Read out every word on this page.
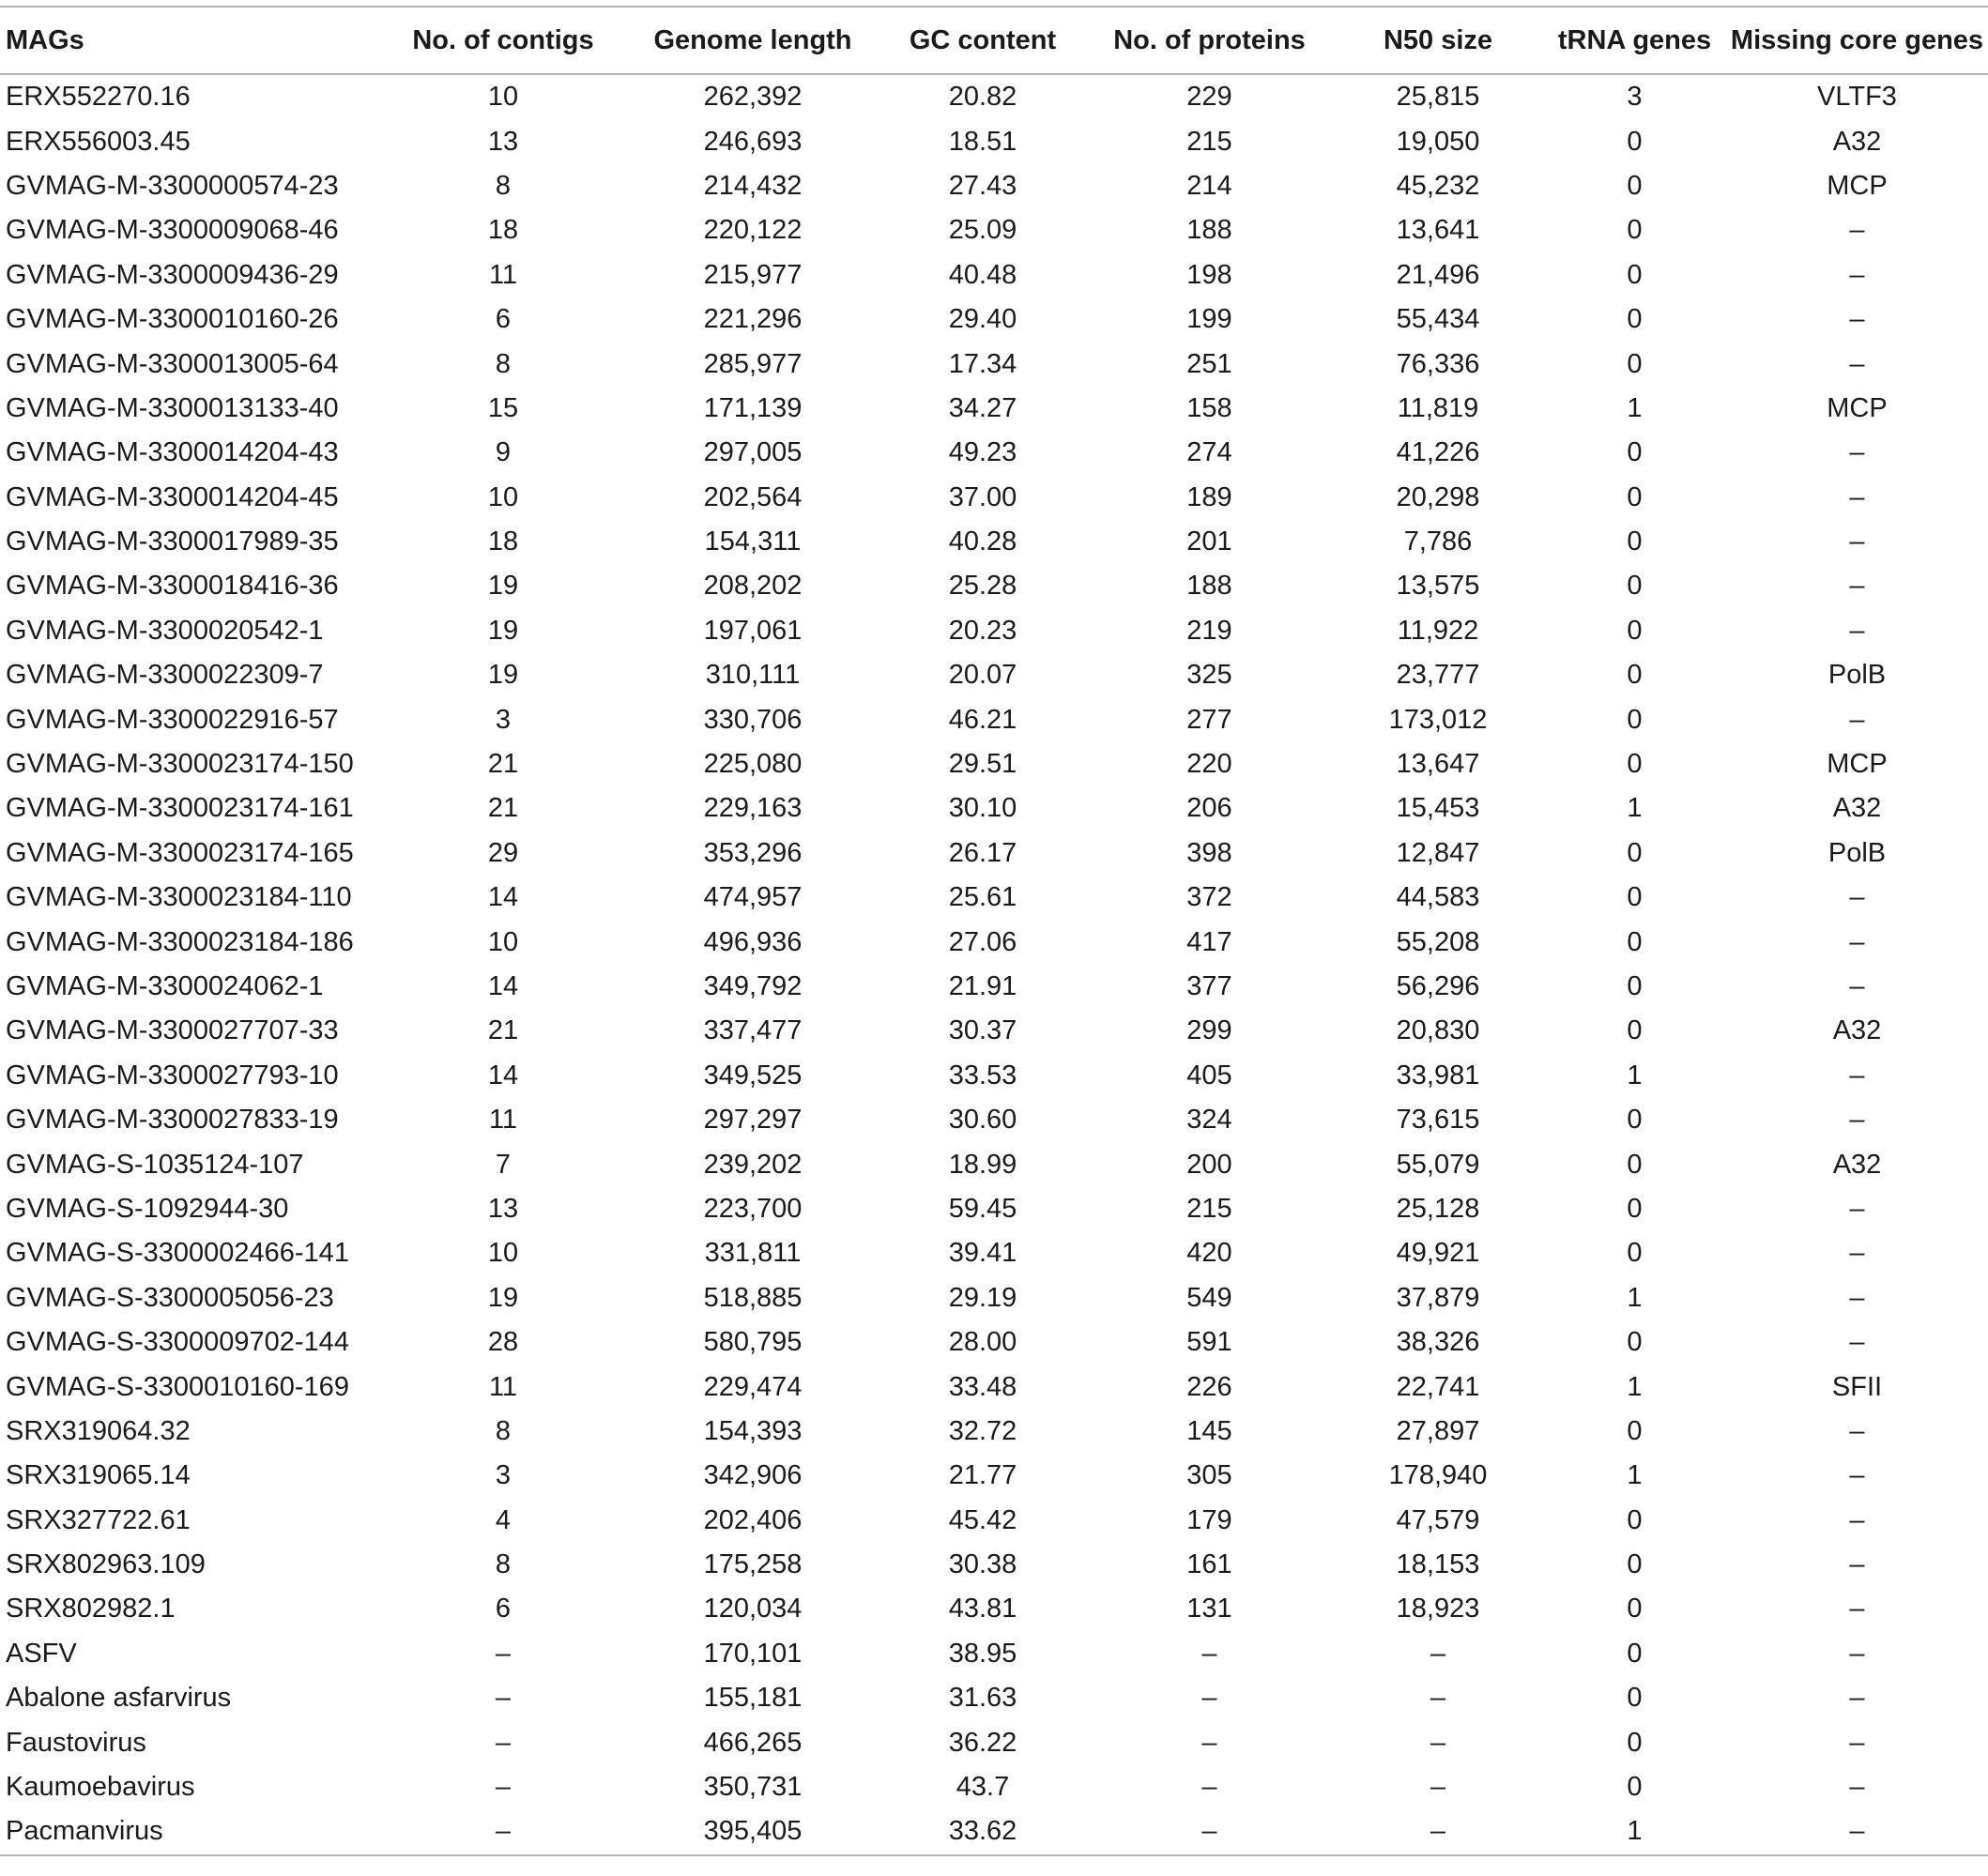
MAGs	No. of contigs	Genome length	GC content	No. of proteins	N50 size	tRNA genes	Missing core genes
ERX552270.16	10	262,392	20.82	229	25,815	3	VLTF3
ERX556003.45	13	246,693	18.51	215	19,050	0	A32
GVMAG-M-3300000574-23	8	214,432	27.43	214	45,232	0	MCP
GVMAG-M-3300009068-46	18	220,122	25.09	188	13,641	0	–
GVMAG-M-3300009436-29	11	215,977	40.48	198	21,496	0	–
GVMAG-M-3300010160-26	6	221,296	29.40	199	55,434	0	–
GVMAG-M-3300013005-64	8	285,977	17.34	251	76,336	0	–
GVMAG-M-3300013133-40	15	171,139	34.27	158	11,819	1	MCP
GVMAG-M-3300014204-43	9	297,005	49.23	274	41,226	0	–
GVMAG-M-3300014204-45	10	202,564	37.00	189	20,298	0	–
GVMAG-M-3300017989-35	18	154,311	40.28	201	7,786	0	–
GVMAG-M-3300018416-36	19	208,202	25.28	188	13,575	0	–
GVMAG-M-3300020542-1	19	197,061	20.23	219	11,922	0	–
GVMAG-M-3300022309-7	19	310,111	20.07	325	23,777	0	PolB
GVMAG-M-3300022916-57	3	330,706	46.21	277	173,012	0	–
GVMAG-M-3300023174-150	21	225,080	29.51	220	13,647	0	MCP
GVMAG-M-3300023174-161	21	229,163	30.10	206	15,453	1	A32
GVMAG-M-3300023174-165	29	353,296	26.17	398	12,847	0	PolB
GVMAG-M-3300023184-110	14	474,957	25.61	372	44,583	0	–
GVMAG-M-3300023184-186	10	496,936	27.06	417	55,208	0	–
GVMAG-M-3300024062-1	14	349,792	21.91	377	56,296	0	–
GVMAG-M-3300027707-33	21	337,477	30.37	299	20,830	0	A32
GVMAG-M-3300027793-10	14	349,525	33.53	405	33,981	1	–
GVMAG-M-3300027833-19	11	297,297	30.60	324	73,615	0	–
GVMAG-S-1035124-107	7	239,202	18.99	200	55,079	0	A32
GVMAG-S-1092944-30	13	223,700	59.45	215	25,128	0	–
GVMAG-S-3300002466-141	10	331,811	39.41	420	49,921	0	–
GVMAG-S-3300005056-23	19	518,885	29.19	549	37,879	1	–
GVMAG-S-3300009702-144	28	580,795	28.00	591	38,326	0	–
GVMAG-S-3300010160-169	11	229,474	33.48	226	22,741	1	SFII
SRX319064.32	8	154,393	32.72	145	27,897	0	–
SRX319065.14	3	342,906	21.77	305	178,940	1	–
SRX327722.61	4	202,406	45.42	179	47,579	0	–
SRX802963.109	8	175,258	30.38	161	18,153	0	–
SRX802982.1	6	120,034	43.81	131	18,923	0	–
ASFV	–	170,101	38.95	–	–	0	–
Abalone asfarvirus	–	155,181	31.63	–	–	0	–
Faustovirus	–	466,265	36.22	–	–	0	–
Kaumoebavirus	–	350,731	43.7	–	–	0	–
Pacmanvirus	–	395,405	33.62	–	–	1	–
